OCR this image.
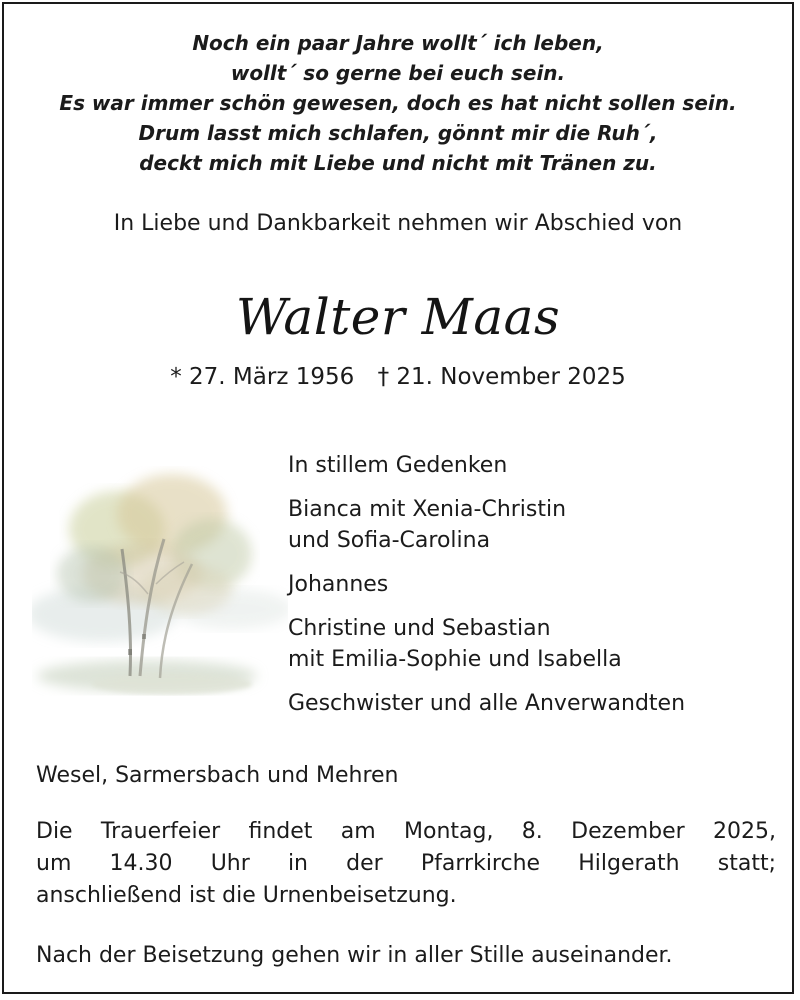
Noch ein paar Jahre wollt´ ich leben,
wollt´ so gerne bei euch sein.
Es war immer schön gewesen, doch es hat nicht sollen sein.
Drum lasst mich schlafen, gönnt mir die Ruh´,
deckt mich mit Liebe und nicht mit Tränen zu.
In Liebe und Dankbarkeit nehmen wir Abschied von
Walter Maas
* 27. März 1956 † 21. November 2025
In stillem Gedenken
Bianca mit Xenia-Christin
und Sofia-Carolina
Johannes
Christine und Sebastian
mit Emilia-Sophie und Isabella
Geschwister und alle Anverwandten
Wesel, Sarmersbach und Mehren
Die Trauerfeier findet am Montag, 8. Dezember 2025,
um 14.30 Uhr in der Pfarrkirche Hilgerath statt;
anschließend ist die Urnenbeisetzung.
Nach der Beisetzung gehen wir in aller Stille auseinander.
